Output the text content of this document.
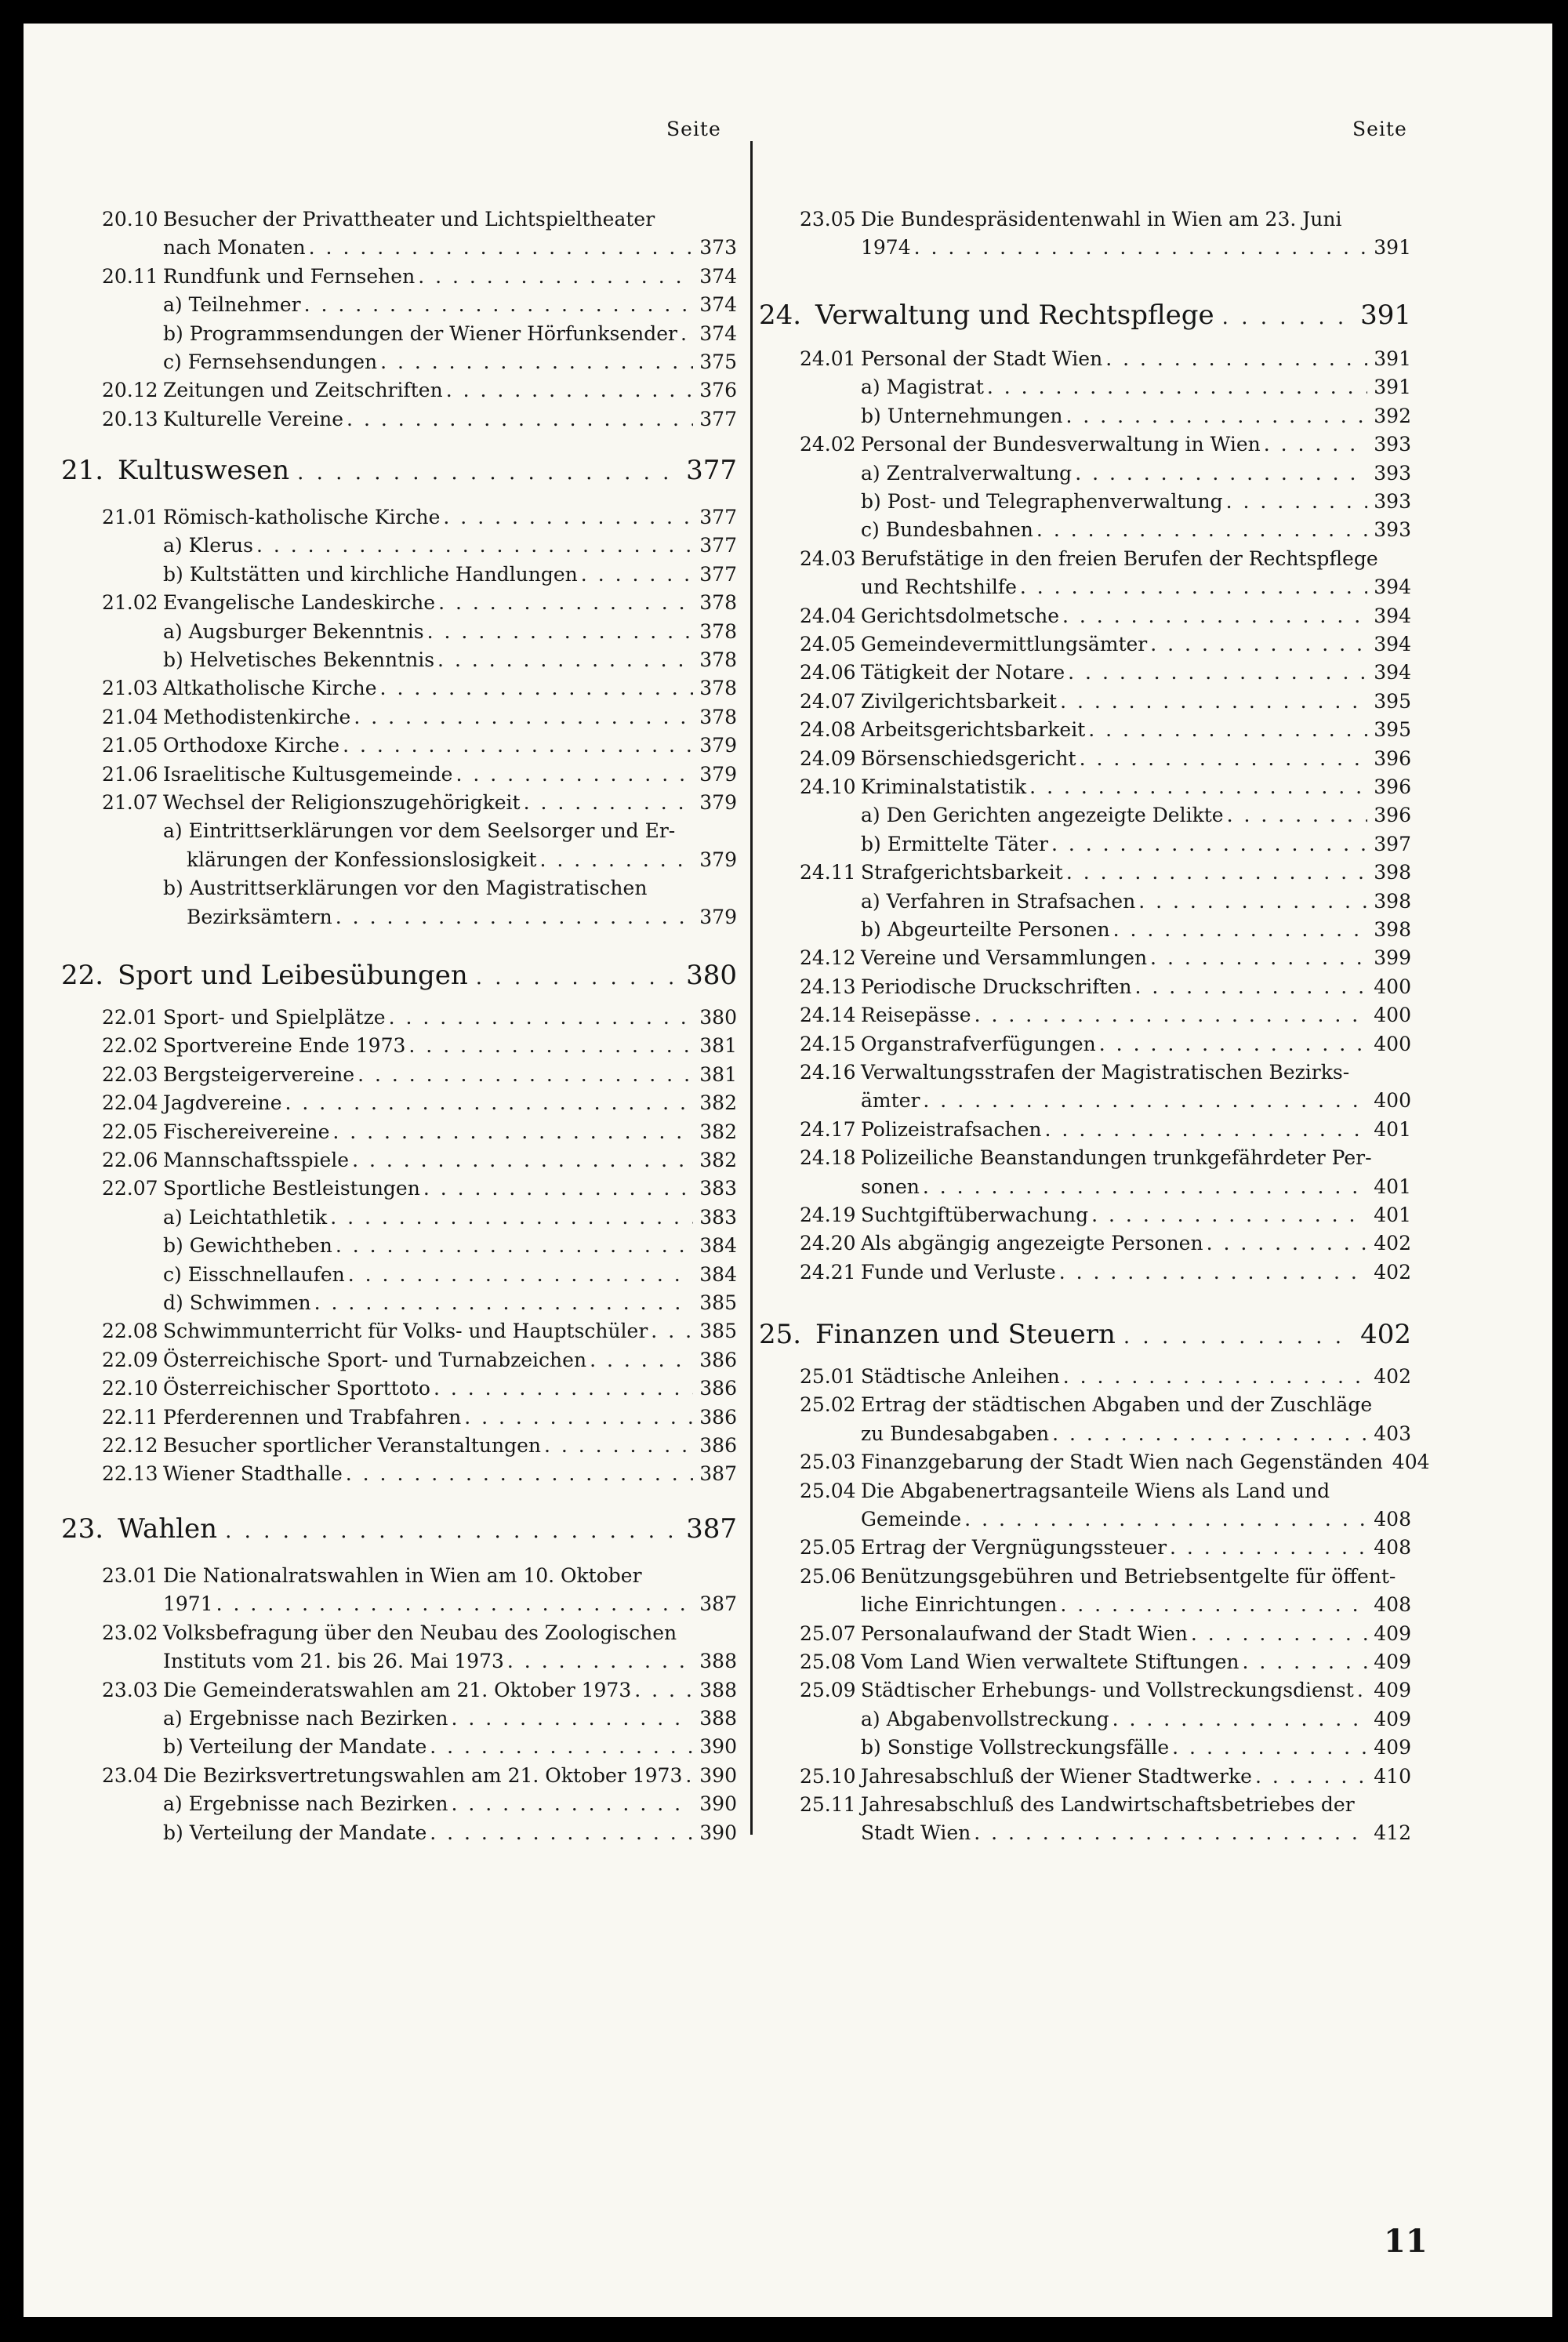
Seite	Seite
11
20.10 Besucher der Privattheater und Lichtspieltheater
nach Monaten . . .	373
20.11 Rundfunk und Fernsehen . . .	374
a) Teilnehmer . . .	374
b) Programmsendungen der Wiener Hörfunksender . . . 374
c) Fernsehsendungen . . .	375
20.12 Zeitungen und Zeitschriften . . .	376
20.13 Kulturelle Vereine . . .	377
21. Kultuswesen . . .	377
21.01 Römisch-katholische Kirche . . .	377
a) Klerus . . .	377
b) Kultstätten und kirchliche Handlungen . . .	377
21.02 Evangelische Landeskirche . . .	378
a) Augsburger Bekenntnis . . .	378
b) Helvetisches Bekenntnis . . .	378
21.03 Altkatholische Kirche . . .	378
21.04 Methodistenkirche . . .	378
21.05 Orthodoxe Kirche . . .	379
21.06 Israelitische Kultusgemeinde . . .	379
21.07 Wechsel der Religionszugehörigkeit . . .	379
a) Eintrittserklärungen vor dem Seelsorger und Er-
klärungen der Konfessionslosigkeit . . .	379
b) Austrittserklärungen vor den Magistratischen
Bezirksämtern . . .	379
22. Sport und Leibesübungen . . .	380
22.01 Sport- und Spielplätze . . .	380
22.02 Sportvereine Ende 1973 . . .	381
22.03 Bergsteigervereine . . .	381
22.04 Jagdvereine . . .	382
22.05 Fischereivereine . . .	382
22.06 Mannschaftsspiele . . .	382
22.07 Sportliche Bestleistungen . . .	383
a) Leichtathletik . . .	383
b) Gewichtheben . . .	384
c) Eisschnellaufen . . .	384
d) Schwimmen . . .	385
22.08 Schwimmunterricht für Volks- und Hauptschüler . . .	385
22.09 Österreichische Sport- und Turnabzeichen . . .	386
22.10 Österreichischer Sporttoto . . .	386
22.11 Pferderennen und Trabfahren . . .	386
22.12 Besucher sportlicher Veranstaltungen . . .	386
22.13 Wiener Stadthalle . . .	387
23. Wahlen . . .	387
23.01 Die Nationalratswahlen in Wien am 10. Oktober
1971 . . .	387
23.02 Volksbefragung über den Neubau des Zoologischen
Instituts vom 21. bis 26. Mai 1973 . . .	388
23.03 Die Gemeinderatswahlen am 21. Oktober 1973 . . .	388
a) Ergebnisse nach Bezirken . . .	388
b) Verteilung der Mandate . . .	390
23.04 Die Bezirksvertretungswahlen am 21. Oktober 1973 . . . 390
a) Ergebnisse nach Bezirken . . .	390
b) Verteilung der Mandate . . .	390
23.05 Die Bundespräsidentenwahl in Wien am 23. Juni
1974 . . .	391
24. Verwaltung und Rechtspflege . . .	391
24.01 Personal der Stadt Wien . . .	391
a) Magistrat . . .	391
b) Unternehmungen . . .	392
24.02 Personal der Bundesverwaltung in Wien . . .	393
a) Zentralverwaltung . . .	393
b) Post- und Telegraphenverwaltung . . .	393
c) Bundesbahnen . . .	393
24.03 Berufstätige in den freien Berufen der Rechtspflege
und Rechtshilfe . . .	394
24.04 Gerichtsdolmetsche . . .	394
24.05 Gemeindevermittlungsämter . . .	394
24.06 Tätigkeit der Notare . . .	394
24.07 Zivilgerichtsbarkeit . . .	395
24.08 Arbeitsgerichtsbarkeit . . .	395
24.09 Börsenschiedsgericht . . .	396
24.10 Kriminalstatistik . . .	396
a) Den Gerichten angezeigte Delikte . . .	396
b) Ermittelte Täter . . .	397
24.11 Strafgerichtsbarkeit . . .	398
a) Verfahren in Strafsachen . . .	398
b) Abgeurteilte Personen . . .	398
24.12 Vereine und Versammlungen . . .	399
24.13 Periodische Druckschriften . . .	400
24.14 Reisepässe . . .	400
24.15 Organstrafverfügungen . . .	400
24.16 Verwaltungsstrafen der Magistratischen Bezirks-
ämter . . .	400
24.17 Polizeistrafsachen . . .	401
24.18 Polizeiliche Beanstandungen trunkgefährdeter Per-
sonen . . .	401
24.19 Suchtgiftüberwachung . . .	401
24.20 Als abgängig angezeigte Personen . . .	402
24.21 Funde und Verluste . . .	402
25. Finanzen und Steuern . . .	402
25.01 Städtische Anleihen . . .	402
25.02 Ertrag der städtischen Abgaben und der Zuschläge
zu Bundesabgaben . . .	403
25.03 Finanzgebarung der Stadt Wien nach Gegenständen 404
25.04 Die Abgabenertragsanteile Wiens als Land und
Gemeinde . . .	408
25.05 Ertrag der Vergnügungssteuer . . .	408
25.06 Benützungsgebühren und Betriebsentgelte für öffent-
liche Einrichtungen . . .	408
25.07 Personalaufwand der Stadt Wien . . .	409
25.08 Vom Land Wien verwaltete Stiftungen . . .	409
25.09 Städtischer Erhebungs- und Vollstreckungsdienst . . . 409
a) Abgabenvollstreckung . . .	409
b) Sonstige Vollstreckungsfälle . . .	409
25.10 Jahresabschluß der Wiener Stadtwerke . . .	410
25.11 Jahresabschluß des Landwirtschaftsbetriebes der
Stadt Wien . . .	412
